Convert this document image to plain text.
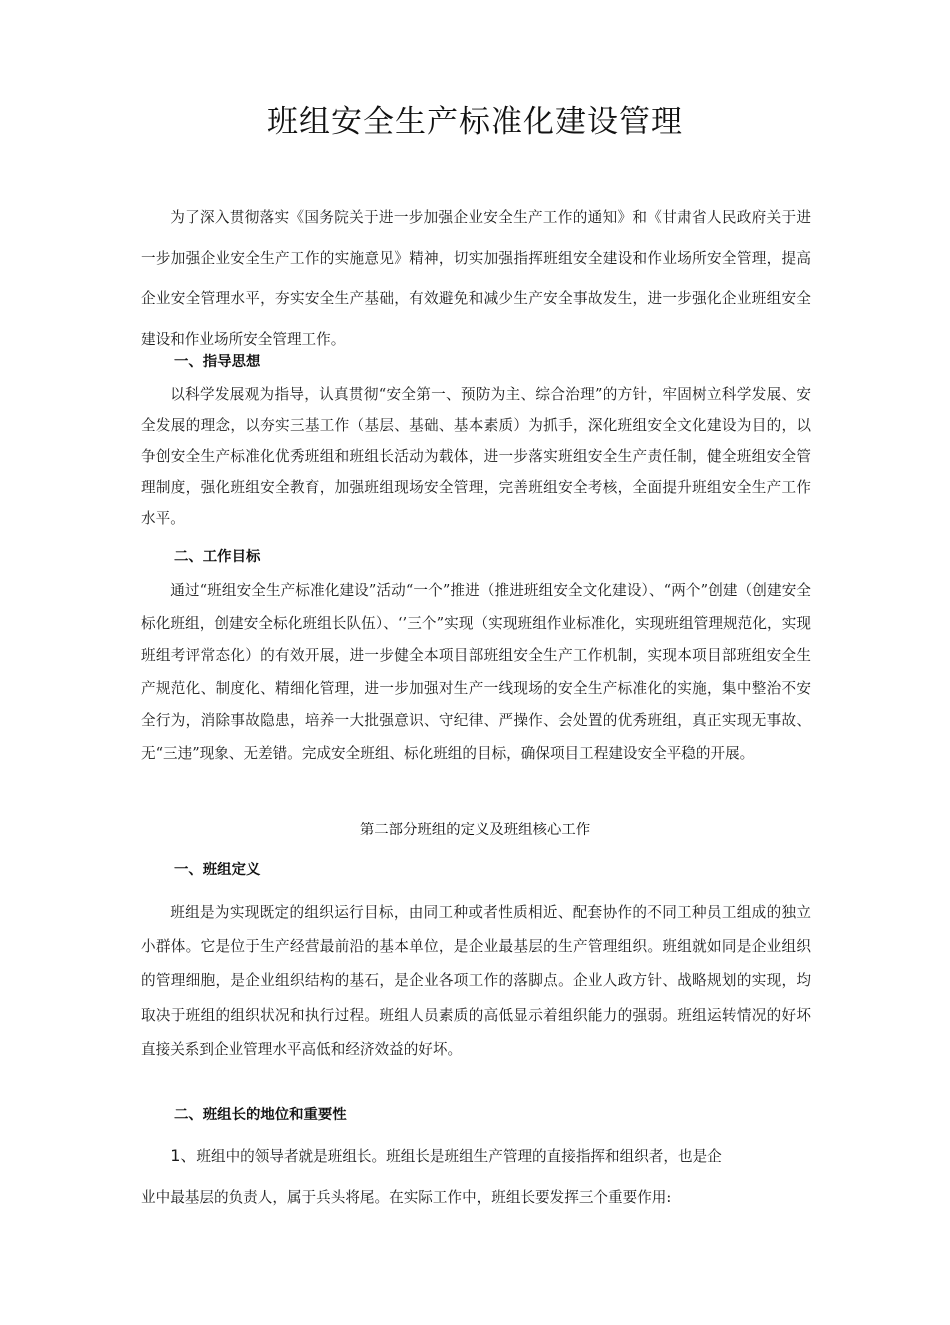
班组安全生产标准化建设管理

为了深入贯彻落实《国务院关于进一步加强企业安全生产工作的通知》和《甘肃省人民政府关于进一步加强企业安全生产工作的实施意见》精神，切实加强指挥班组安全建设和作业场所安全管理，提高企业安全管理水平，夯实安全生产基础，有效避免和减少生产安全事故发生，进一步强化企业班组安全建设和作业场所安全管理工作。

一、指导思想

以科学发展观为指导，认真贯彻“安全第一、预防为主、综合治理”的方针，牢固树立科学发展、安全发展的理念，以夯实三基工作（基层、基础、基本素质）为抓手，深化班组安全文化建设为目的，以争创安全生产标准化优秀班组和班组长活动为载体，进一步落实班组安全生产责任制，健全班组安全管理制度，强化班组安全教育，加强班组现场安全管理，完善班组安全考核，全面提升班组安全生产工作水平。

二、工作目标

通过“班组安全生产标准化建设”活动“一个”推进（推进班组安全文化建设）、“两个”创建（创建安全标化班组，创建安全标化班组长队伍）、‘’三个”实现（实现班组作业标准化，实现班组管理规范化，实现班组考评常态化）的有效开展，进一步健全本项目部班组安全生产工作机制，实现本项目部班组安全生产规范化、制度化、精细化管理，进一步加强对生产一线现场的安全生产标准化的实施，集中整治不安全行为，消除事故隐患，培养一大批强意识、守纪律、严操作、会处置的优秀班组，真正实现无事故、无“三违”现象、无差错。完成安全班组、标化班组的目标，确保项目工程建设安全平稳的开展。

第二部分班组的定义及班组核心工作
一、班组定义

班组是为实现既定的组织运行目标，由同工种或者性质相近、配套协作的不同工种员工组成的独立小群体。它是位于生产经营最前沿的基本单位，是企业最基层的生产管理组织。班组就如同是企业组织的管理细胞，是企业组织结构的基石，是企业各项工作的落脚点。企业人政方针、战略规划的实现，均取决于班组的组织状况和执行过程。班组人员素质的高低显示着组织能力的强弱。班组运转情况的好坏直接关系到企业管理水平高低和经济效益的好坏。

二、班组长的地位和重要性

1、班组中的领导者就是班组长。班组长是班组生产管理的直接指挥和组织者，也是企

业中最基层的负责人，属于兵头将尾。在实际工作中，班组长要发挥三个重要作用:
